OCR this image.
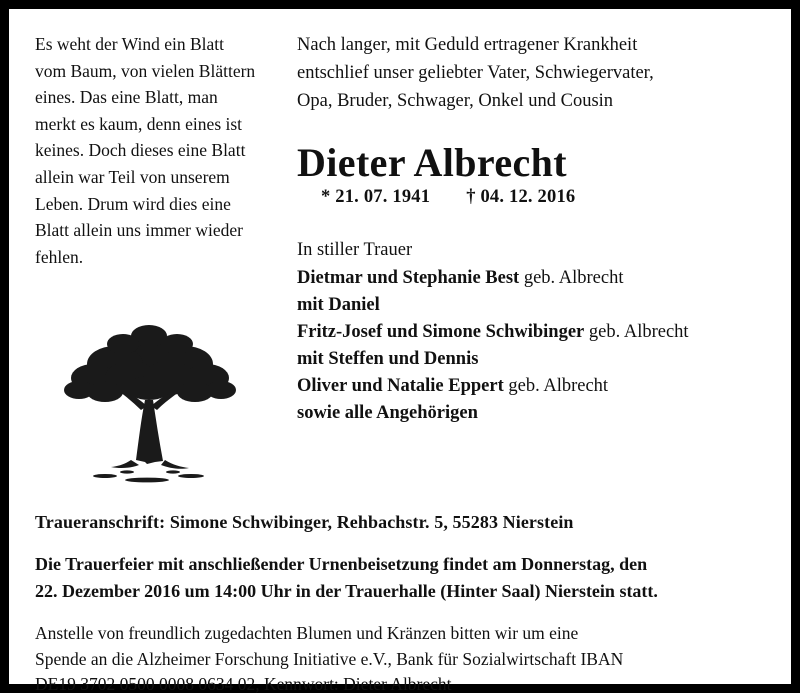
Es weht der Wind ein Blatt
vom Baum, von vielen Blättern
eines. Das eine Blatt, man
merkt es kaum, denn eines ist
keines. Doch dieses eine Blatt
allein war Teil von unserem
Leben. Drum wird dies eine
Blatt allein uns immer wieder
fehlen.
Nach langer, mit Geduld ertragener Krankheit
entschlief unser geliebter Vater, Schwiegervater,
Opa, Bruder, Schwager, Onkel und Cousin
Dieter Albrecht
* 21. 07. 1941 † 04. 12. 2016
In stiller Trauer
Dietmar und Stephanie Best geb. Albrecht
mit Daniel
Fritz-Josef und Simone Schwibinger geb. Albrecht
mit Steffen und Dennis
Oliver und Natalie Eppert geb. Albrecht
sowie alle Angehörigen
Traueranschrift: Simone Schwibinger, Rehbachstr. 5, 55283 Nierstein
Die Trauerfeier mit anschließender Urnenbeisetzung findet am Donnerstag, den
22. Dezember 2016 um 14:00 Uhr in der Trauerhalle (Hinter Saal) Nierstein statt.
Anstelle von freundlich zugedachten Blumen und Kränzen bitten wir um eine
Spende an die Alzheimer Forschung Initiative e.V., Bank für Sozialwirtschaft IBAN
DE19 3702 0500 0008 0634 02, Kennwort: Dieter Albrecht
